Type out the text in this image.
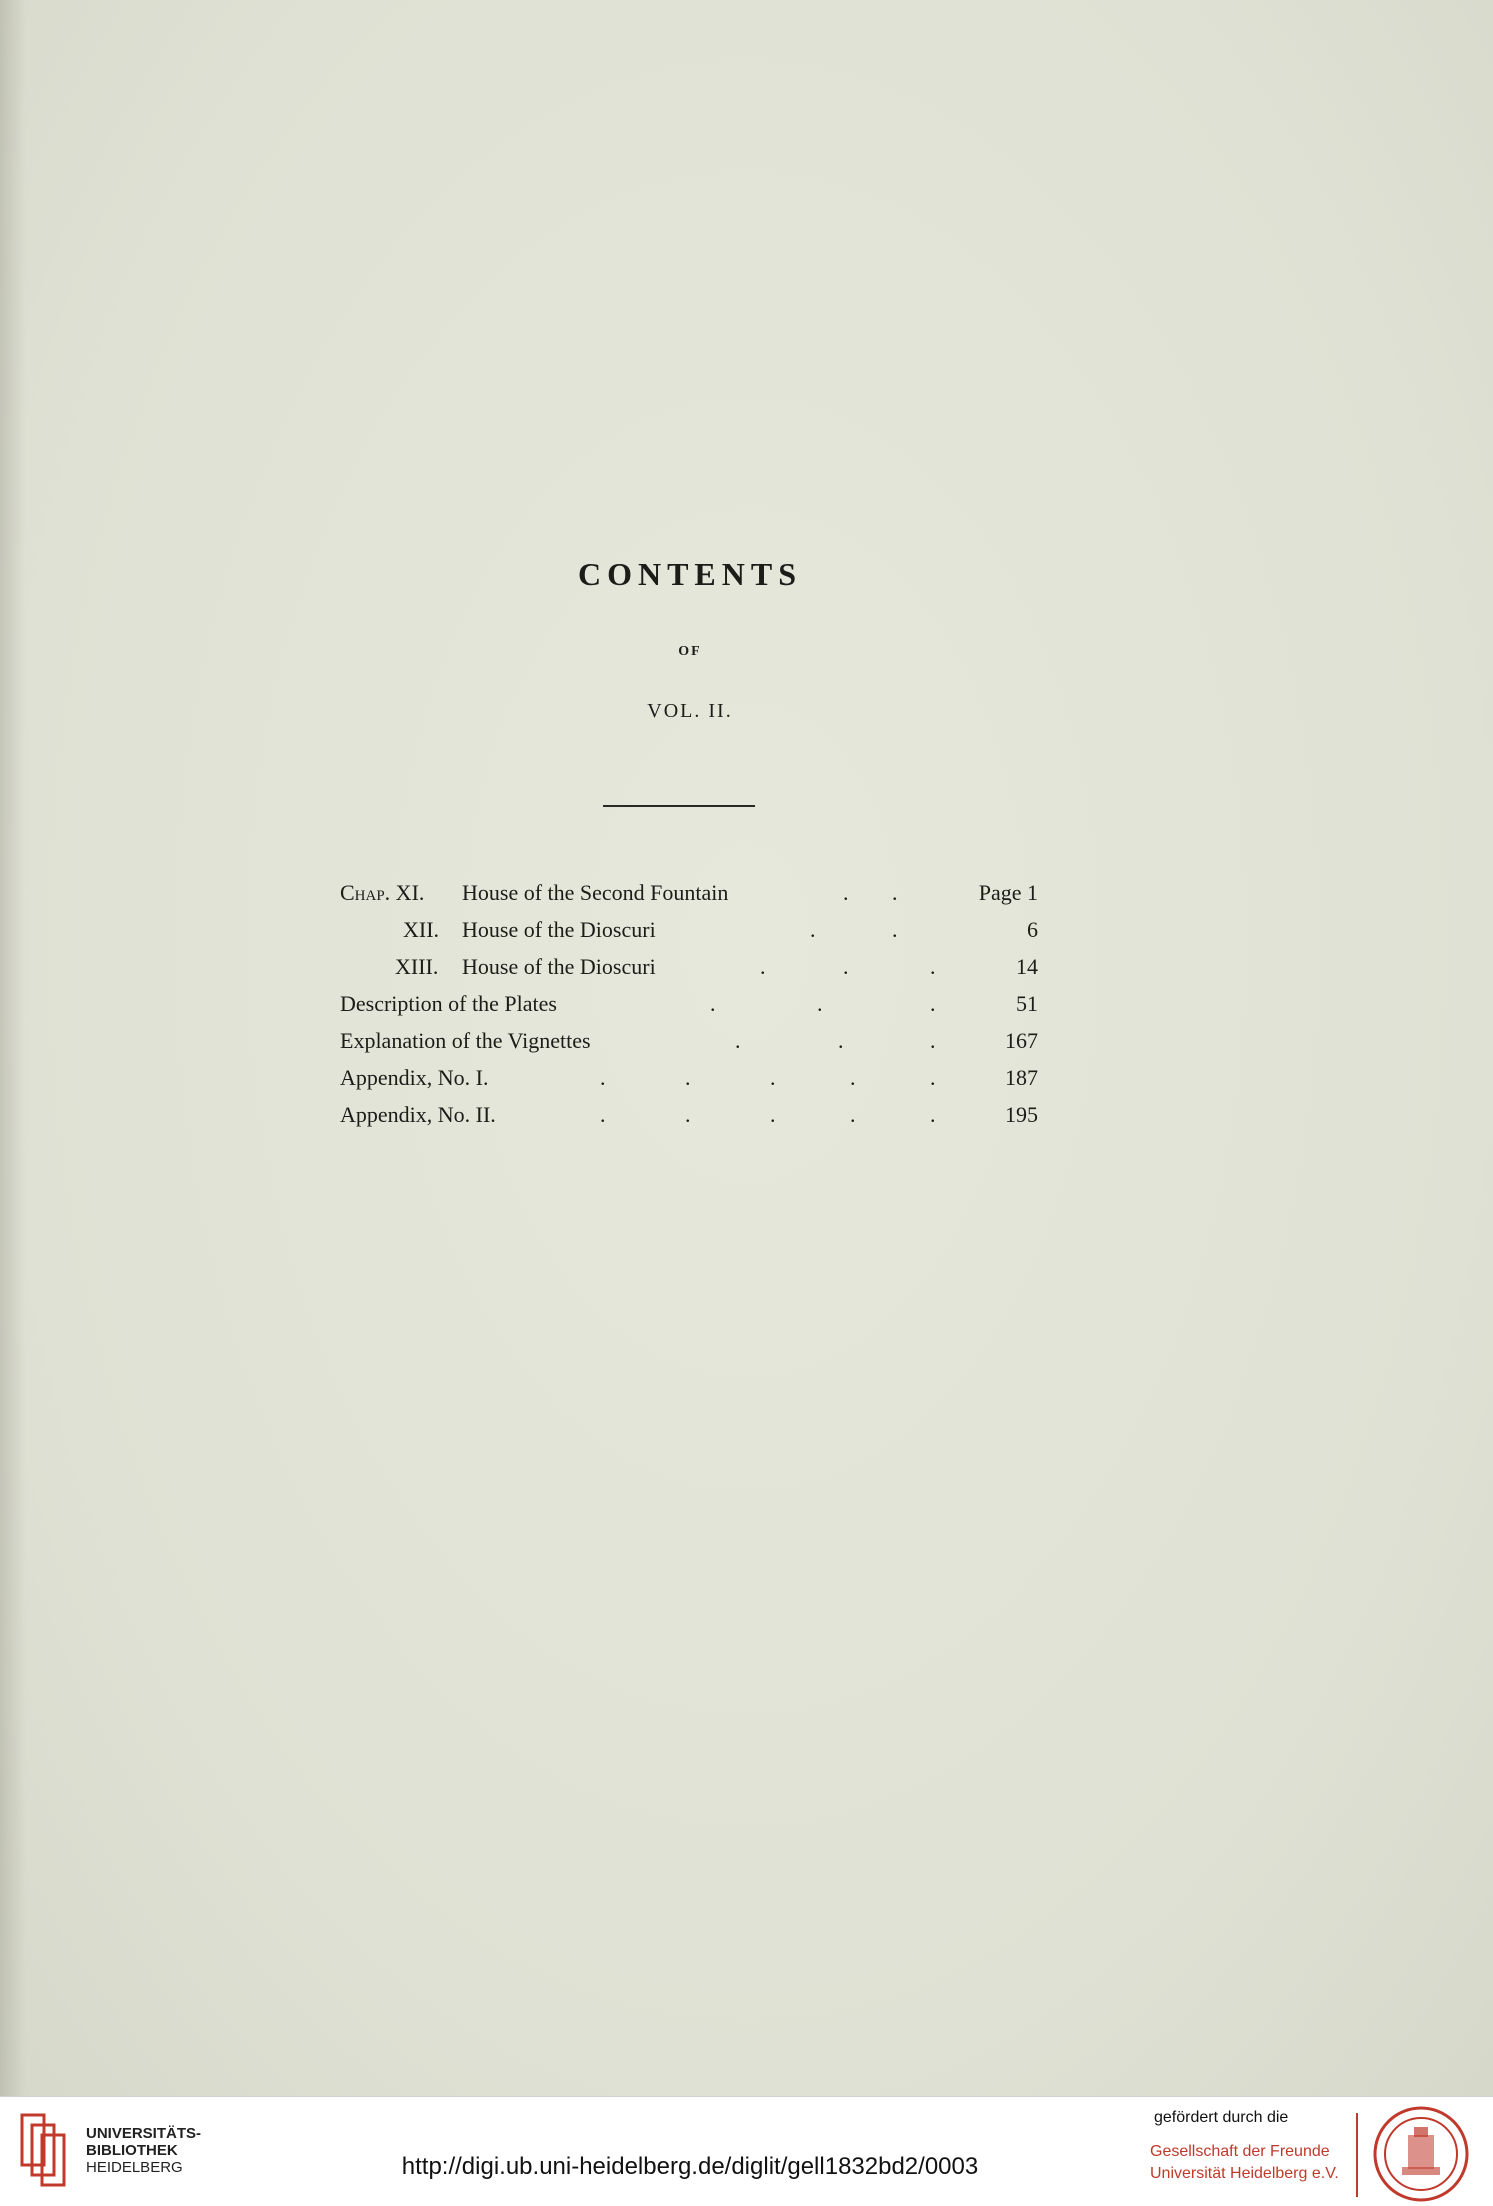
CONTENTS
OF
VOL. II.
Chap. XI. House of the Second Fountain	. .	Page 1
XII. House of the Dioscuri	.	.	6
XIII. House of the Dioscuri	.	.	.	14
Description of the Plates	.	.	.	51
Explanation of the Vignettes	.	.	.	167
Appendix, No. I.	.	.	.	.	.	187
Appendix, No. II.	.	.	.	.	.	195
UNIVERSITÄTS-
BIBLIOTHEK
HEIDELBERG	http://digi.ub.uni-heidelberg.de/diglit/gell1832bd2/0003
gefördert durch die
Gesellschaft der Freunde
Universität Heidelberg e.V.
